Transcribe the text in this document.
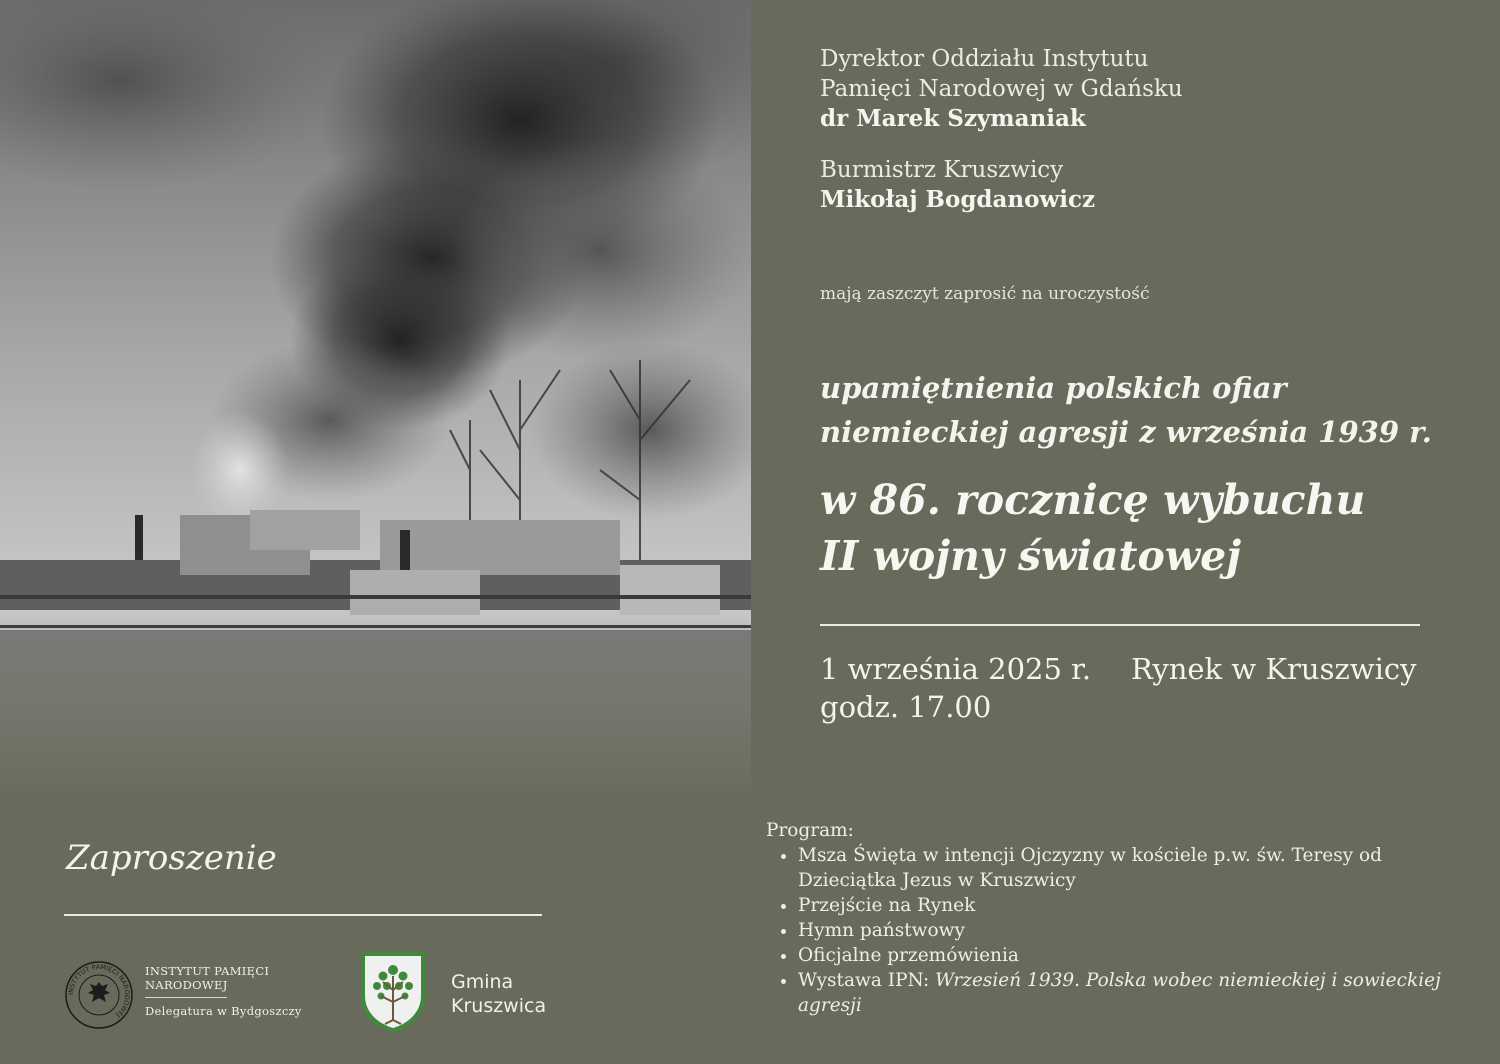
Dyrektor Oddziału Instytutu
Pamięci Narodowej w Gdańsku
dr Marek Szymaniak
Burmistrz Kruszwicy
Mikołaj Bogdanowicz
mają zaszczyt zaprosić na uroczystość
upamiętnienia polskich ofiar
niemieckiej agresji z września 1939 r.
w 86. rocznicę wybuchu
II wojny światowej
1 września 2025 r.
godz. 17.00
Rynek w Kruszwicy
Program:
• Msza Święta w intencji Ojczyzny w kościele p.w. św. Teresy od Dzieciątka Jezus w Kruszwicy
• Przejście na Rynek
• Hymn państwowy
• Oficjalne przemówienia
• Wystawa IPN: Wrzesień 1939. Polska wobec niemieckiej i sowieckiej agresji
Zaproszenie
INSTYTUT PAMIĘCI NARODOWEJ
INSTYTUT PAMIĘCI
NARODOWEJ
Delegatura w Bydgoszczy
Gmina
Kruszwica
